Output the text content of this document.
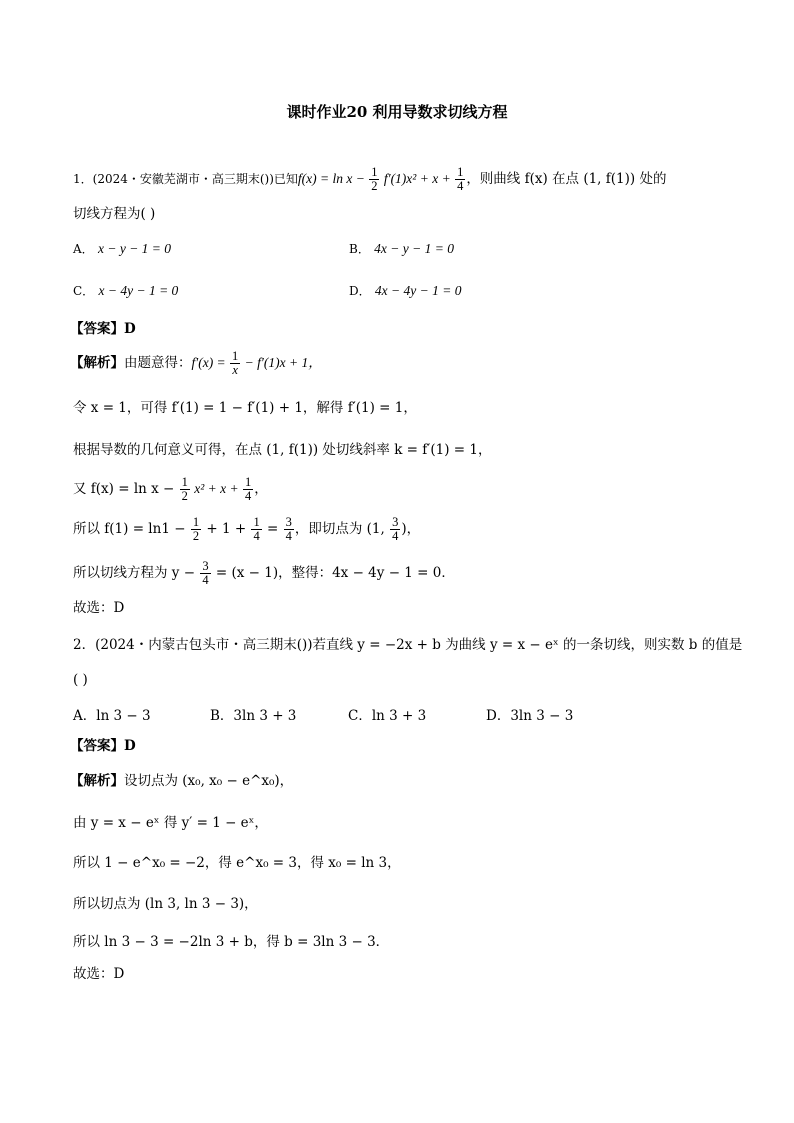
课时作业20 利用导数求切线方程
1．(2024・安徽芜湖市・高三期末())已知$f(x) = \ln x - \frac{1}{2} f'(1)x^2 + x + \frac{1}{4}$ ，则曲线 f(x) 在点 (1, f(1)) 处的
切线方程为( )
A． x − y − 1 = 0	B． 4x − y − 1 = 0
C． x − 4y − 1 = 0	D． 4x − 4y − 1 = 0
【答案】D
【解析】由题意得：$f'(x) = \frac{1}{x} - f'(1)x + 1$，
令 x = 1，可得 f′(1) = 1 − f′(1) + 1，解得 f′(1) = 1，
根据导数的几何意义可得，在点 (1, f(1)) 处切线斜率 k = f′(1) = 1，
又 $f(x) = \ln x - \frac{1}{2} x^2 + x + \frac{1}{4}$ ，
所以 $f(1) = \ln 1 - \frac{1}{2} + 1 + \frac{1}{4} = \frac{3}{4}$ ，即切点为 (1, $\frac{3}{4}$ )，
所以切线方程为 $y - \frac{3}{4} = (x - 1)$，整得：4x − 4y − 1 = 0．
故选：D
2．(2024・内蒙古包头市・高三期末())若直线 y = −2x + b 为曲线 y = x − eˣ 的一条切线，则实数 b 的值是
( )
A．ln 3 − 3	B．3ln 3 + 3	C．ln 3 + 3	D．3ln 3 − 3
【答案】D
【解析】设切点为 (x₀, x₀ − e^x₀)，
由 y = x − eˣ 得 y′ = 1 − eˣ，
所以 1 − e^x₀ = −2，得 e^x₀ = 3，得 x₀ = ln 3，
所以切点为 (ln 3, ln 3 − 3)，
所以 ln 3 − 3 = −2ln 3 + b，得 b = 3ln 3 − 3．
故选：D
